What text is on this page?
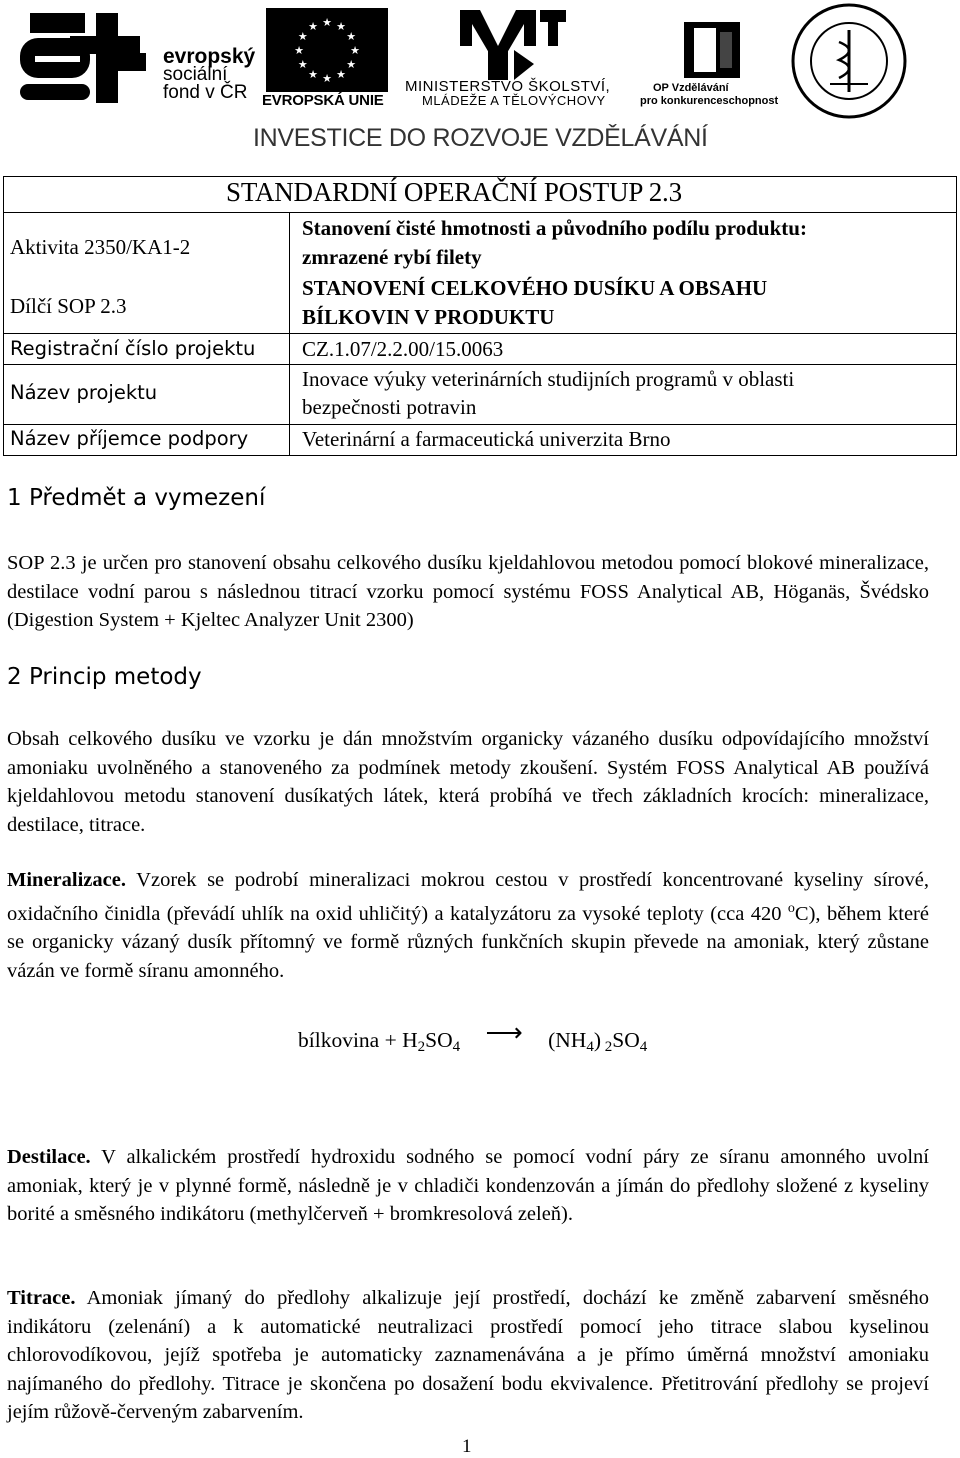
evropský
sociální
fond v ČR
★ ★
★
★
★
★
★
★
★
★
★
★
EVROPSKÁ UNIE
MINISTERSTVO ŠKOLSTVÍ,
MLÁDEŽE A TĚLOVÝCHOVY
OP Vzdělávání
pro konkurenceschopnost
INVESTICE DO ROZVOJE VZDĚLÁVÁNÍ
STANDARDNÍ OPERAČNÍ POSTUP 2.3
Aktivita 2350/KA1-2
Stanovení čisté hmotnosti a původního podílu produktu:
zmrazené rybí filety
Dílčí SOP 2.3
STANOVENÍ CELKOVÉHO DUSÍKU A OBSAHU
BÍLKOVIN V PRODUKTU
Registrační číslo projektu CZ.1.07/2.2.00/15.0063
Název projektu
Inovace výuky veterinárních studijních programů v oblasti
bezpečnosti potravin
Název příjemce podpory	Veterinární a farmaceutická univerzita Brno
1 Předmět a vymezení
SOP 2.3 je určen pro stanovení obsahu celkového dusíku kjeldahlovou metodou pomocí blokové mineralizace, destilace vodní parou s následnou titrací vzorku pomocí systému FOSS Analytical AB, Höganäs, Švédsko (Digestion System + Kjeltec Analyzer Unit 2300)
2 Princip metody
Obsah celkového dusíku ve vzorku je dán množstvím organicky vázaného dusíku odpovídajícího množství amoniaku uvolněného a stanoveného za podmínek metody zkoušení. Systém FOSS Analytical AB používá kjeldahlovou metodu stanovení dusíkatých látek, která probíhá ve třech základních krocích: mineralizace, destilace, titrace.
Mineralizace. Vzorek se podrobí mineralizaci mokrou cestou v prostředí koncentrované kyseliny sírové, oxidačního činidla (převádí uhlík na oxid uhličitý) a katalyzátoru za vysoké teploty (cca 420 $^o$C), během které se organicky vázaný dusík přítomný ve formě různých funkčních skupin převede na amoniak, který zůstane vázán ve formě síranu amonného.
bílkovina + H2SO4 ⟶ (NH4) 2SO4
Destilace. V alkalickém prostředí hydroxidu sodného se pomocí vodní páry ze síranu amonného uvolní amoniak, který je v plynné formě, následně je v chladiči kondenzován a jímán do předlohy složené z kyseliny borité a směsného indikátoru (methylčerveň + bromkresolová zeleň).
Titrace. Amoniak jímaný do předlohy alkalizuje její prostředí, dochází ke změně zabarvení směsného indikátoru (zelenání) a k automatické neutralizaci prostředí pomocí jeho titrace slabou kyselinou chlorovodíkovou, jejíž spotřeba je automaticky zaznamenávána a je přímo úměrná množství amoniaku najímaného do předlohy. Titrace je skončena po dosažení bodu ekvivalence. Přetitrování předlohy se projeví jejím růžově-červeným zabarvením.
1
